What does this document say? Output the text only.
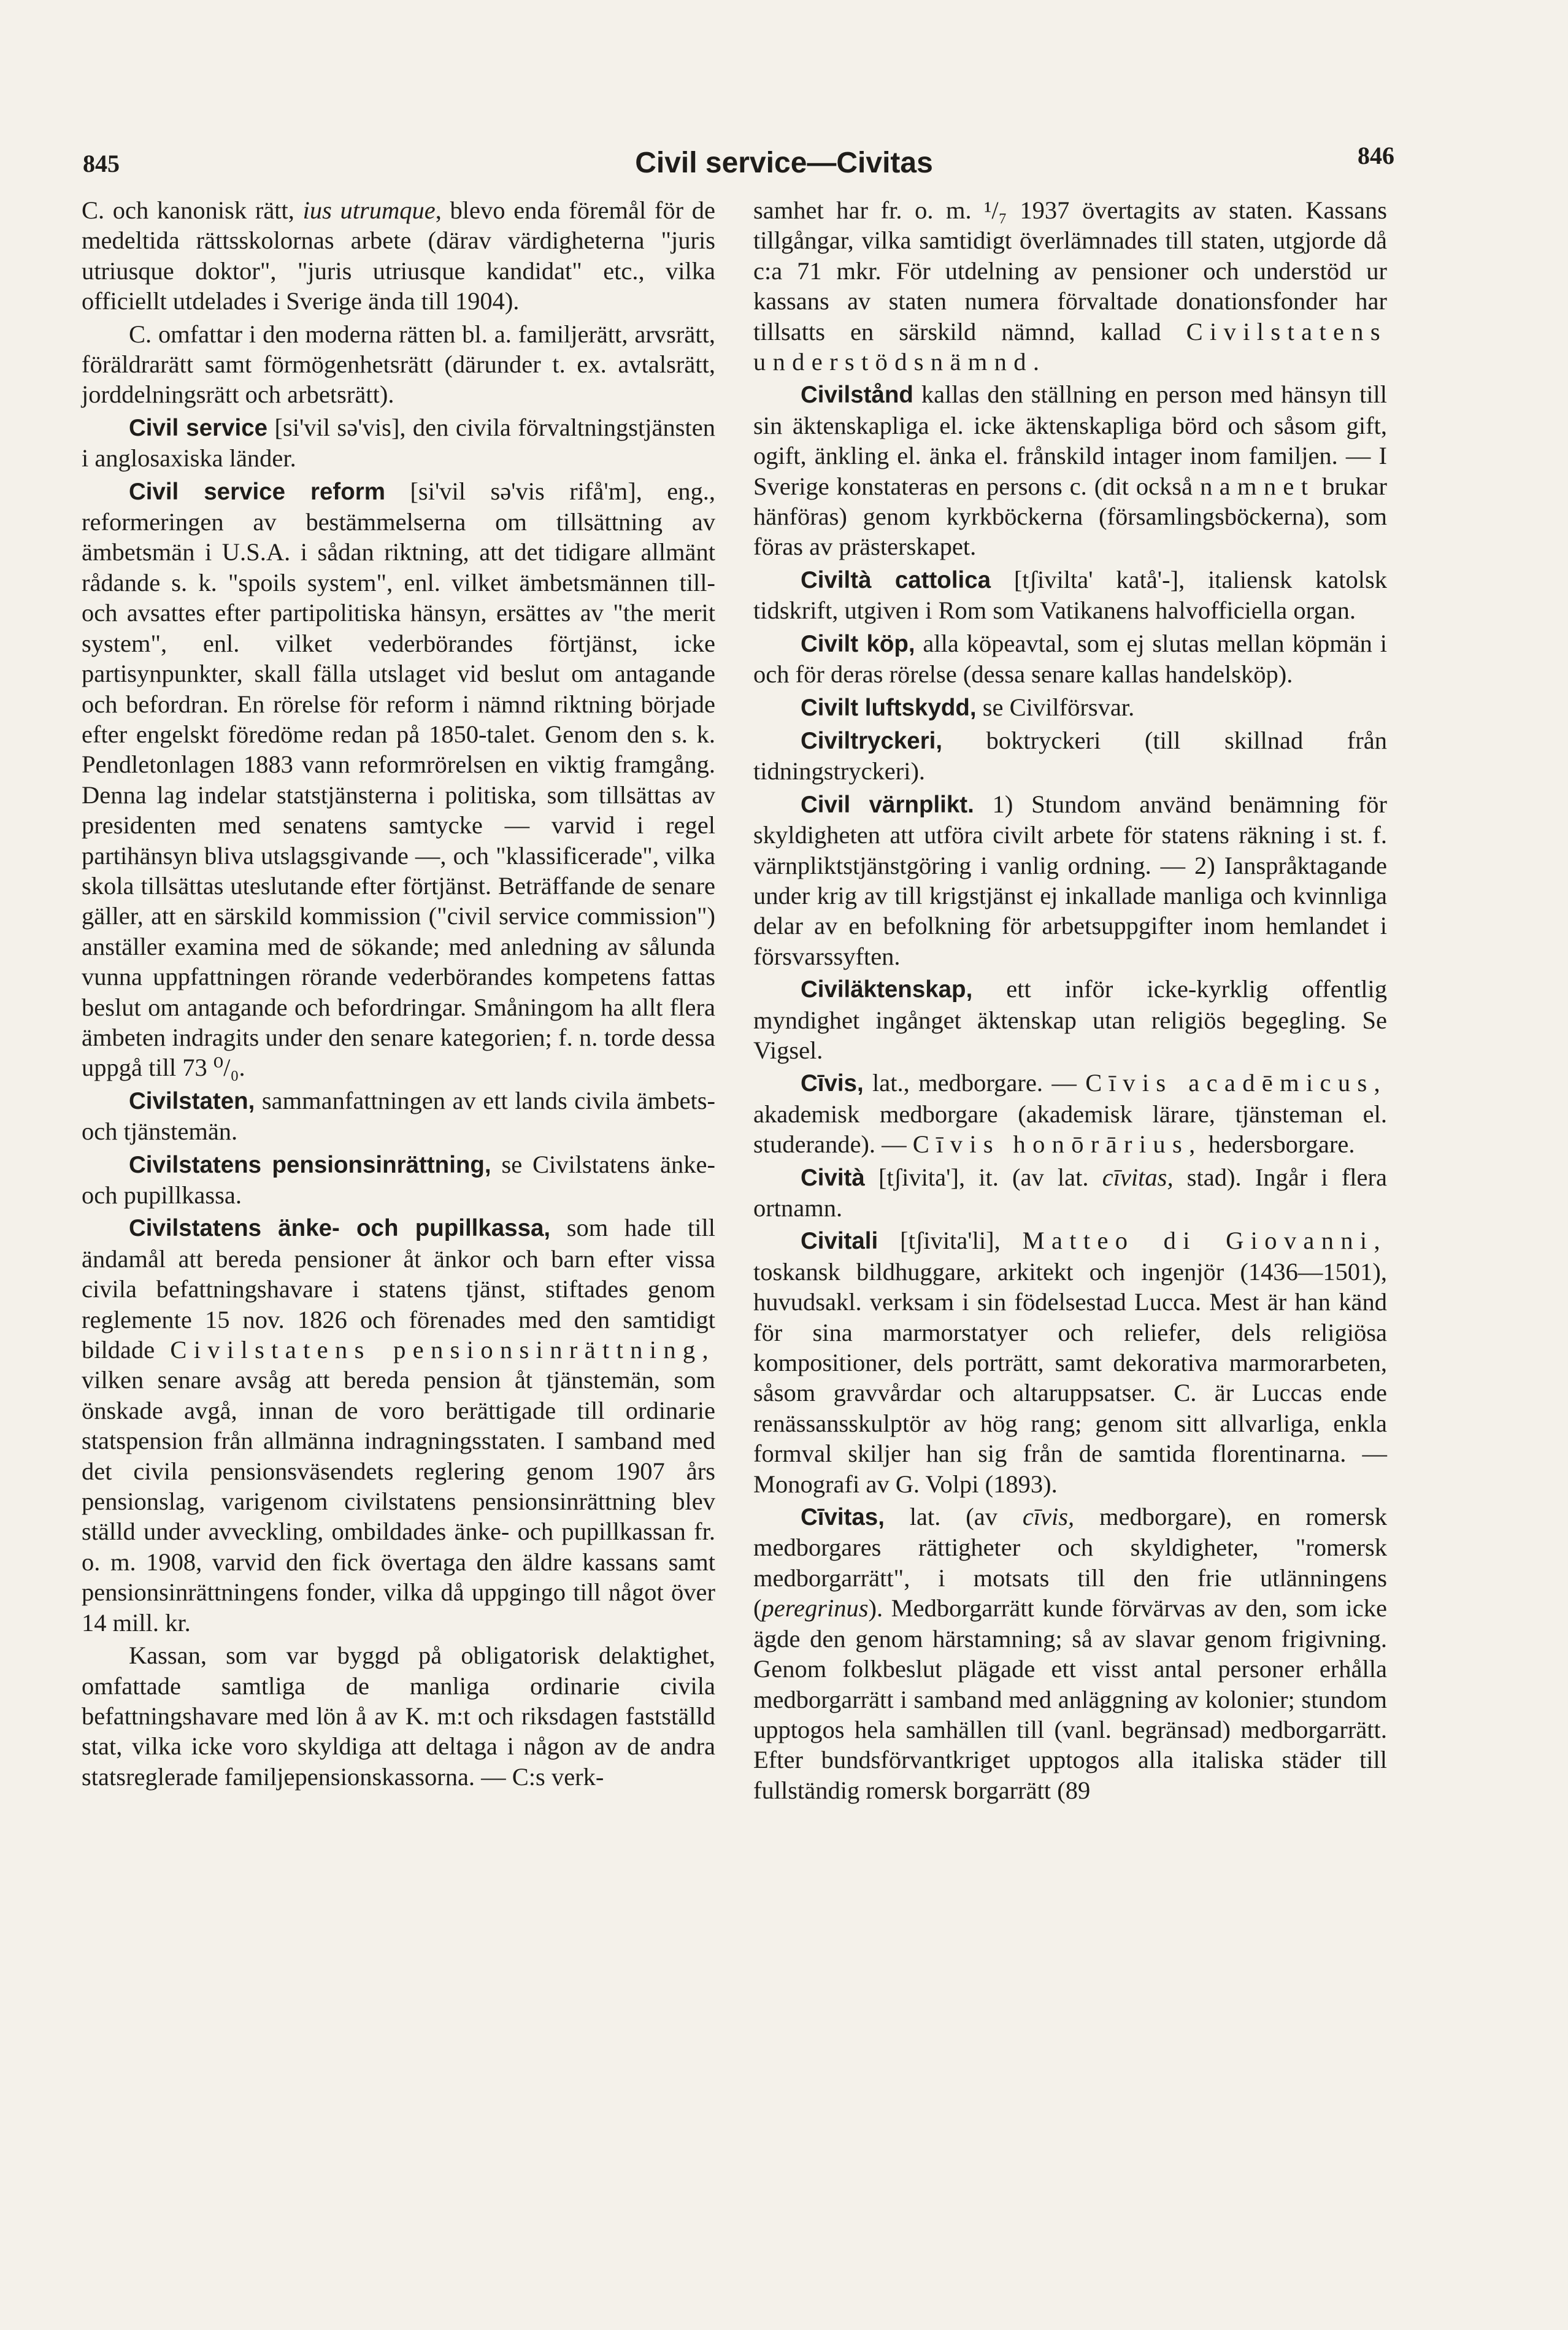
845	Civil service—Civitas	846

C. och kanonisk rätt, ius utrumque, blevo enda föremål för de medeltida rättsskolornas arbete (därav värdigheterna "juris utriusque doktor", "juris utriusque kandidat" etc., vilka officiellt utdelades i Sverige ända till 1904).

C. omfattar i den moderna rätten bl. a. familjerätt, arvsrätt, föräldrarätt samt förmögenhetsrätt (därunder t. ex. avtalsrätt, jorddelningsrätt och arbetsrätt).

Civil service [si'vil sə'vis], den civila förvaltningstjänsten i anglosaxiska länder.

Civil service reform [si'vil sə'vis rifå'm], eng., reformeringen av bestämmelserna om tillsättning av ämbetsmän i U.S.A. i sådan riktning, att det tidigare allmänt rådande s. k. "spoils system", enl. vilket ämbetsmännen till- och avsattes efter partipolitiska hänsyn, ersättes av "the merit system", enl. vilket vederbörandes förtjänst, icke partisynpunkter, skall fälla utslaget vid beslut om antagande och befordran. En rörelse för reform i nämnd riktning började efter engelskt föredöme redan på 1850-talet. Genom den s. k. Pendletonlagen 1883 vann reformrörelsen en viktig framgång. Denna lag indelar statstjänsterna i politiska, som tillsättas av presidenten med senatens samtycke — varvid i regel partihänsyn bliva utslagsgivande —, och "klassificerade", vilka skola tillsättas uteslutande efter förtjänst. Beträffande de senare gäller, att en särskild kommission ("civil service commission") anställer examina med de sökande; med anledning av sålunda vunna uppfattningen rörande vederbörandes kompetens fattas beslut om antagande och befordringar. Småningom ha allt flera ämbeten indragits under den senare kategorien; f. n. torde dessa uppgå till 73 ⁰/₀.

Civilstaten, sammanfattningen av ett lands civila ämbets- och tjänstemän.

Civilstatens pensionsinrättning, se Civilstatens änke- och pupillkassa.

Civilstatens änke- och pupillkassa, som hade till ändamål att bereda pensioner åt änkor och barn efter vissa civila befattningshavare i statens tjänst, stiftades genom reglemente 15 nov. 1826 och förenades med den samtidigt bildade Civilstatens pensionsinrättning, vilken senare avsåg att bereda pension åt tjänstemän, som önskade avgå, innan de voro berättigade till ordinarie statspension från allmänna indragningsstaten. I samband med det civila pensionsväsendets reglering genom 1907 års pensionslag, varigenom civilstatens pensionsinrättning blev ställd under avveckling, ombildades änke- och pupillkassan fr. o. m. 1908, varvid den fick övertaga den äldre kassans samt pensionsinrättningens fonder, vilka då uppgingo till något över 14 mill. kr.

Kassan, som var byggd på obligatorisk delaktighet, omfattade samtliga de manliga ordinarie civila befattningshavare med lön å av K. m:t och riksdagen fastställd stat, vilka icke voro skyldiga att deltaga i någon av de andra statsreglerade familjepensionskassorna. — C:s verk-

samhet har fr. o. m. ¹/₇ 1937 övertagits av staten. Kassans tillgångar, vilka samtidigt överlämnades till staten, utgjorde då c:a 71 mkr. För utdelning av pensioner och understöd ur kassans av staten numera förvaltade donationsfonder har tillsatts en särskild nämnd, kallad Civilstatens understödsnämnd.

Civilstånd kallas den ställning en person med hänsyn till sin äktenskapliga el. icke äktenskapliga börd och såsom gift, ogift, änkling el. änka el. frånskild intager inom familjen. — I Sverige konstateras en persons c. (dit också namnet brukar hänföras) genom kyrkböckerna (församlingsböckerna), som föras av prästerskapet.

Civiltà cattolica [tʃivilta' katå'-], italiensk katolsk tidskrift, utgiven i Rom som Vatikanens halvofficiella organ.

Civilt köp, alla köpeavtal, som ej slutas mellan köpmän i och för deras rörelse (dessa senare kallas handelsköp).

Civilt luftskydd, se Civilförsvar.

Civiltryckeri, boktryckeri (till skillnad från tidningstryckeri).

Civil värnplikt. 1) Stundom använd benämning för skyldigheten att utföra civilt arbete för statens räkning i st. f. värnpliktstjänstgöring i vanlig ordning. — 2) Ianspråktagande under krig av till krigstjänst ej inkallade manliga och kvinnliga delar av en befolkning för arbetsuppgifter inom hemlandet i försvarssyften.

Civiläktenskap, ett inför icke-kyrklig offentlig myndighet ingånget äktenskap utan religiös begegling. Se Vigsel.

Cīvis, lat., medborgare. — Cīvis acadēmicus, akademisk medborgare (akademisk lärare, tjänsteman el. studerande). — Cīvis honōrārius, hedersborgare.

Cività [tʃivita'], it. (av lat. cīvitas, stad). Ingår i flera ortnamn.

Civitali [tʃivita'li], Matteo di Giovanni, toskansk bildhuggare, arkitekt och ingenjör (1436—1501), huvudsakl. verksam i sin födelsestad Lucca. Mest är han känd för sina marmorstatyer och reliefer, dels religiösa kompositioner, dels porträtt, samt dekorativa marmorarbeten, såsom gravvårdar och altaruppsatser. C. är Luccas ende renässansskulptör av hög rang; genom sitt allvarliga, enkla formval skiljer han sig från de samtida florentinarna. — Monografi av G. Volpi (1893).

Cīvitas, lat. (av cīvis, medborgare), en romersk medborgares rättigheter och skyldigheter, "romersk medborgarrätt", i motsats till den frie utlänningens (peregrinus). Medborgarrätt kunde förvärvas av den, som icke ägde den genom härstamning; så av slavar genom frigivning. Genom folkbeslut plägade ett visst antal personer erhålla medborgarrätt i samband med anläggning av kolonier; stundom upptogos hela samhällen till (vanl. begränsad) medborgarrätt. Efter bundsförvantkriget upptogos alla italiska städer till fullständig romersk borgarrätt (89
